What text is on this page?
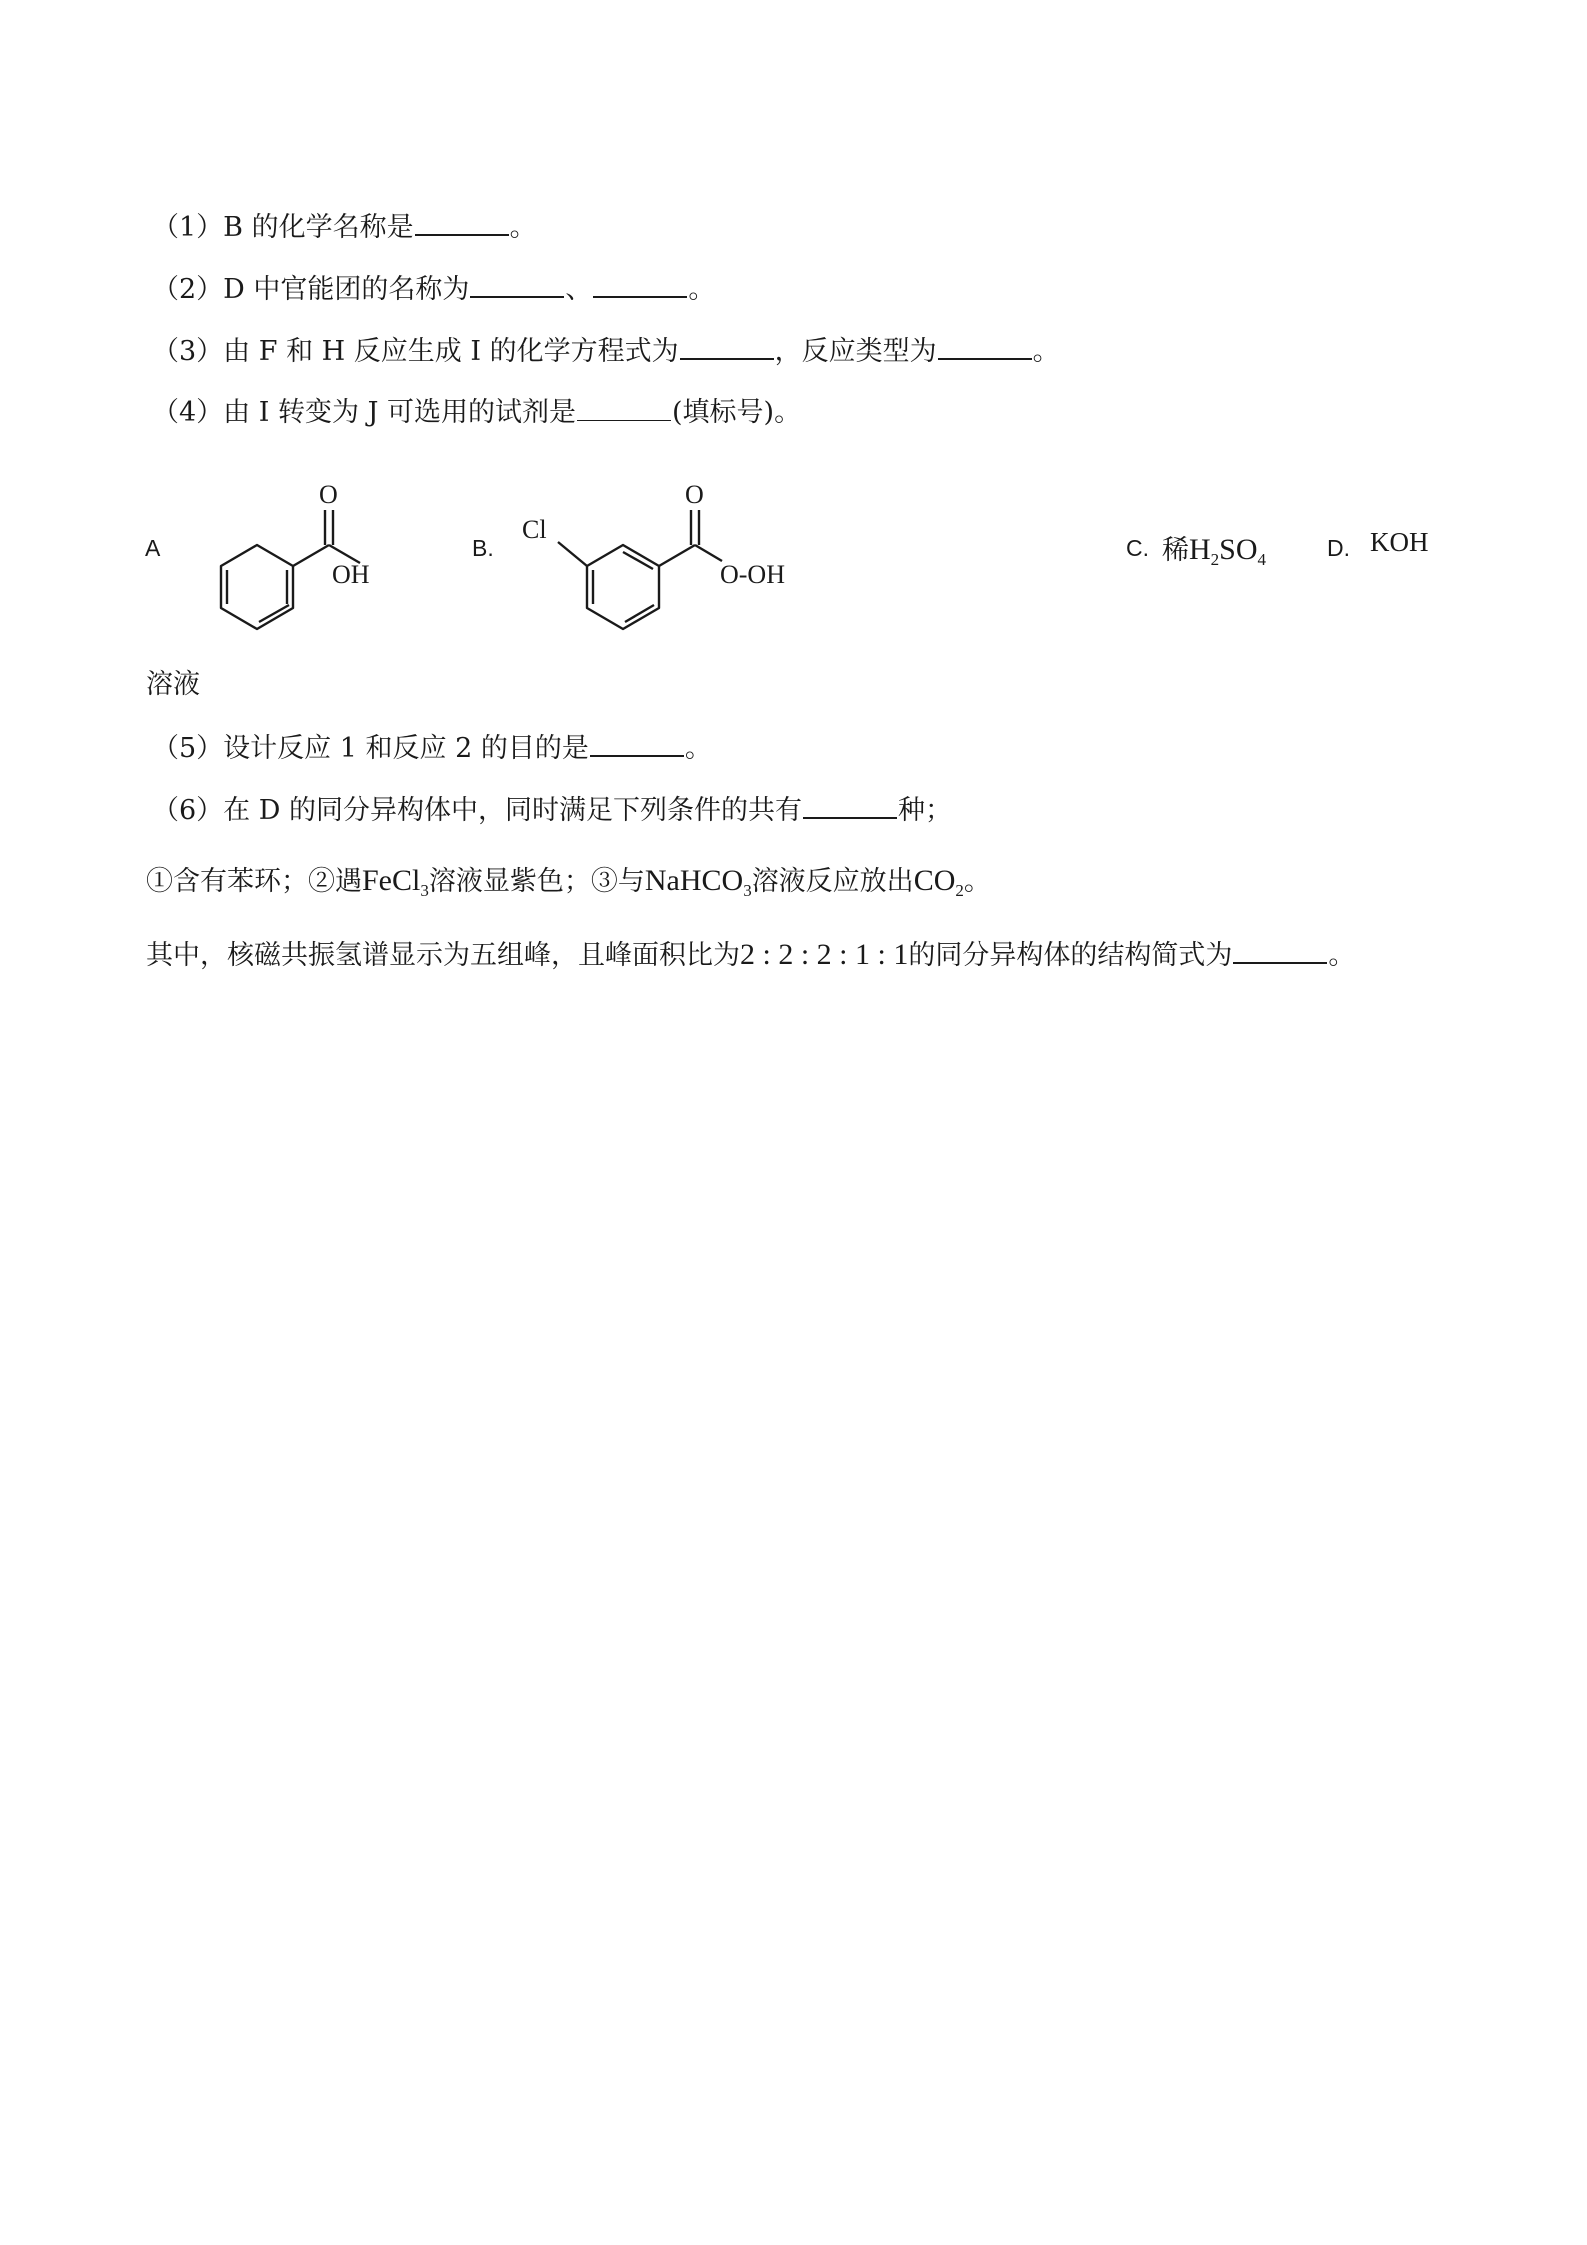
（1）B 的化学名称是	。
（2）D 中官能团的名称为	、	。
（3）由 F 和 H 反应生成 I 的化学方程式为	，反应类型为	。
（4）由 I 转变为 J 可选用的试剂是	(填标号)。
A
O
OH
B.
Cl
O
O-OH
C. 稀$H_2SO_4$	D. KOH
溶液
（5）设计反应 1 和反应 2 的目的是	。
（6）在 D 的同分异构体中，同时满足下列条件的共有	种；
①含有苯环；②遇FeCl$_3$溶液显紫色；③与NaHCO$_3$溶液反应放出$CO_2$。
其中，核磁共振氢谱显示为五组峰，且峰面积比为2 : 2 : 2 : 1 : 1的同分异构体的结构简式为	。
